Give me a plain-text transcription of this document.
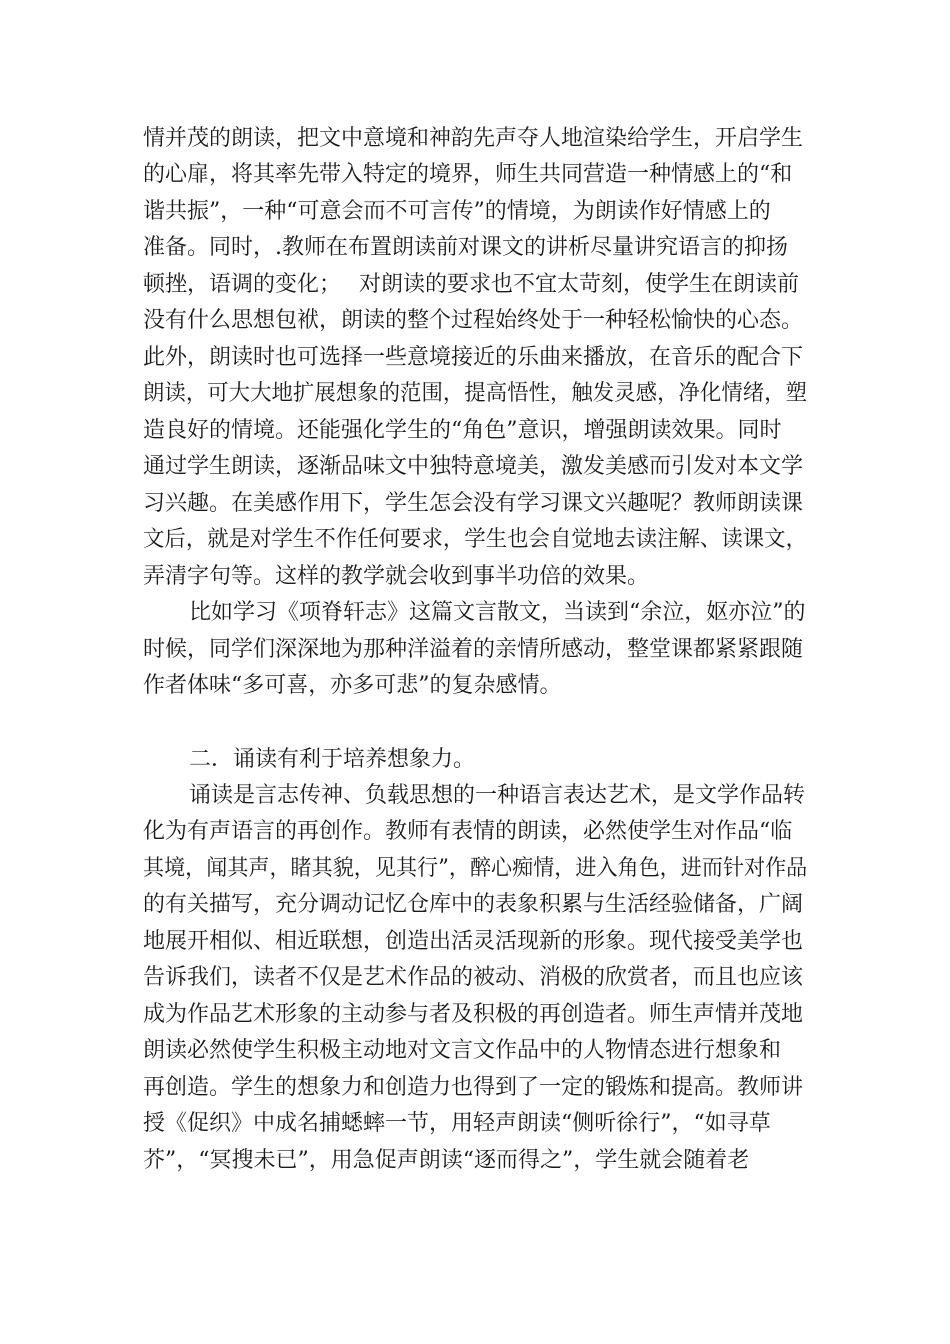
情并茂的朗读，把文中意境和神韵先声夺人地渲染给学生，开启学生
的心扉，将其率先带入特定的境界，师生共同营造一种情感上的“和
谐共振”，一种“可意会而不可言传”的情境，为朗读作好情感上的
准备。同时，.教师在布置朗读前对课文的讲析尽量讲究语言的抑扬
顿挫，语调的变化；　 对朗读的要求也不宜太苛刻，使学生在朗读前
没有什么思想包袱，朗读的整个过程始终处于一种轻松愉快的心态。
此外，朗读时也可选择一些意境接近的乐曲来播放，在音乐的配合下
朗读，可大大地扩展想象的范围，提高悟性，触发灵感，净化情绪，塑
造良好的情境。还能强化学生的“角色”意识，增强朗读效果。同时
通过学生朗读，逐渐品味文中独特意境美，激发美感而引发对本文学
习兴趣。在美感作用下，学生怎会没有学习课文兴趣呢？教师朗读课
文后，就是对学生不作任何要求，学生也会自觉地去读注解、读课文，
弄清字句等。这样的教学就会收到事半功倍的效果。
比如学习《项脊轩志》这篇文言散文，当读到“余泣，妪亦泣”的
时候，同学们深深地为那种洋溢着的亲情所感动，整堂课都紧紧跟随
作者体味“多可喜，亦多可悲”的复杂感情。
二．诵读有利于培养想象力。
诵读是言志传神、负载思想的一种语言表达艺术，是文学作品转
化为有声语言的再创作。教师有表情的朗读，必然使学生对作品“临
其境，闻其声，睹其貌，见其行”，醉心痴情，进入角色，进而针对作品
的有关描写，充分调动记忆仓库中的表象积累与生活经验储备，广阔
地展开相似、相近联想，创造出活灵活现新的形象。现代接受美学也
告诉我们，读者不仅是艺术作品的被动、消极的欣赏者，而且也应该
成为作品艺术形象的主动参与者及积极的再创造者。师生声情并茂地
朗读必然使学生积极主动地对文言文作品中的人物情态进行想象和
再创造。学生的想象力和创造力也得到了一定的锻炼和提高。教师讲
授《促织》中成名捕蟋蟀一节，用轻声朗读“侧听徐行”，“如寻草
芥”，“冥搜未已”，用急促声朗读“逐而得之”，学生就会随着老
